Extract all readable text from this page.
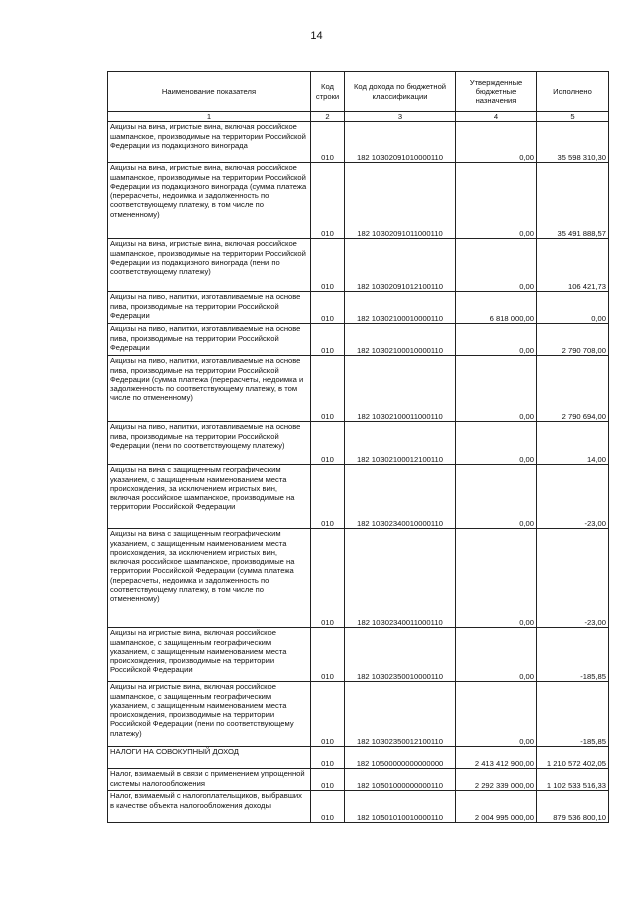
14
Наименование показателя	Код строки	Код дохода по бюджетной классификации	Утвержденные бюджетные назначения	Исполнено
1	2	3	4	5
Акцизы на вина, игристые вина, включая российское шампанское, производимые на территории Российской Федерации из подакцизного винограда	010	182 10302091010000110	0,00	35 598 310,30
Акцизы на вина, игристые вина, включая российское шампанское, производимые на территории Российской Федерации из подакцизного винограда (сумма платежа (перерасчеты, недоимка и задолженность по соответствующему платежу, в том числе по отмененному)	010	182 10302091011000110	0,00	35 491 888,57
Акцизы на вина, игристые вина, включая российское шампанское, производимые на территории Российской Федерации из подакцизного винограда (пени по соответствующему платежу)	010	182 10302091012100110	0,00	106 421,73
Акцизы на пиво, напитки, изготавливаемые на основе пива, производимые на территории Российской Федерации	010	182 10302100010000110	6 818 000,00	0,00
Акцизы на пиво, напитки, изготавливаемые на основе пива, производимые на территории Российской Федерации	010	182 10302100010000110	0,00	2 790 708,00
Акцизы на пиво, напитки, изготавливаемые на основе пива, производимые на территории Российской Федерации (сумма платежа (перерасчеты, недоимка и задолженность по соответствующему платежу, в том числе по отмененному)	010	182 10302100011000110	0,00	2 790 694,00
Акцизы на пиво, напитки, изготавливаемые на основе пива, производимые на территории Российской Федерации (пени по соответствующему платежу)	010	182 10302100012100110	0,00	14,00
Акцизы на вина с защищенным географическим указанием, с защищенным наименованием места происхождения, за исключением игристых вин, включая российское шампанское, производимые на территории Российской Федерации	010	182 10302340010000110	0,00	-23,00
Акцизы на вина с защищенным географическим указанием, с защищенным наименованием места происхождения, за исключением игристых вин, включая российское шампанское, производимые на территории Российской Федерации (сумма платежа (перерасчеты, недоимка и задолженность по соответствующему платежу, в том числе по отмененному)	010	182 10302340011000110	0,00	-23,00
Акцизы на игристые вина, включая российское шампанское, с защищенным географическим указанием, с защищенным наименованием места происхождения, производимые на территории Российской Федерации	010	182 10302350010000110	0,00	-185,85
Акцизы на игристые вина, включая российское шампанское, с защищенным географическим указанием, с защищенным наименованием места происхождения, производимые на территории Российской Федерации (пени по соответствующему платежу)	010	182 10302350012100110	0,00	-185,85
НАЛОГИ НА СОВОКУПНЫЙ ДОХОД	010	182 10500000000000000	2 413 412 900,00	1 210 572 402,05
Налог, взимаемый в связи с применением упрощенной системы налогообложения	010	182 10501000000000110	2 292 339 000,00	1 102 533 516,33
Налог, взимаемый с налогоплательщиков, выбравших в качестве объекта налогообложения доходы	010	182 10501010010000110	2 004 995 000,00	879 536 800,10
